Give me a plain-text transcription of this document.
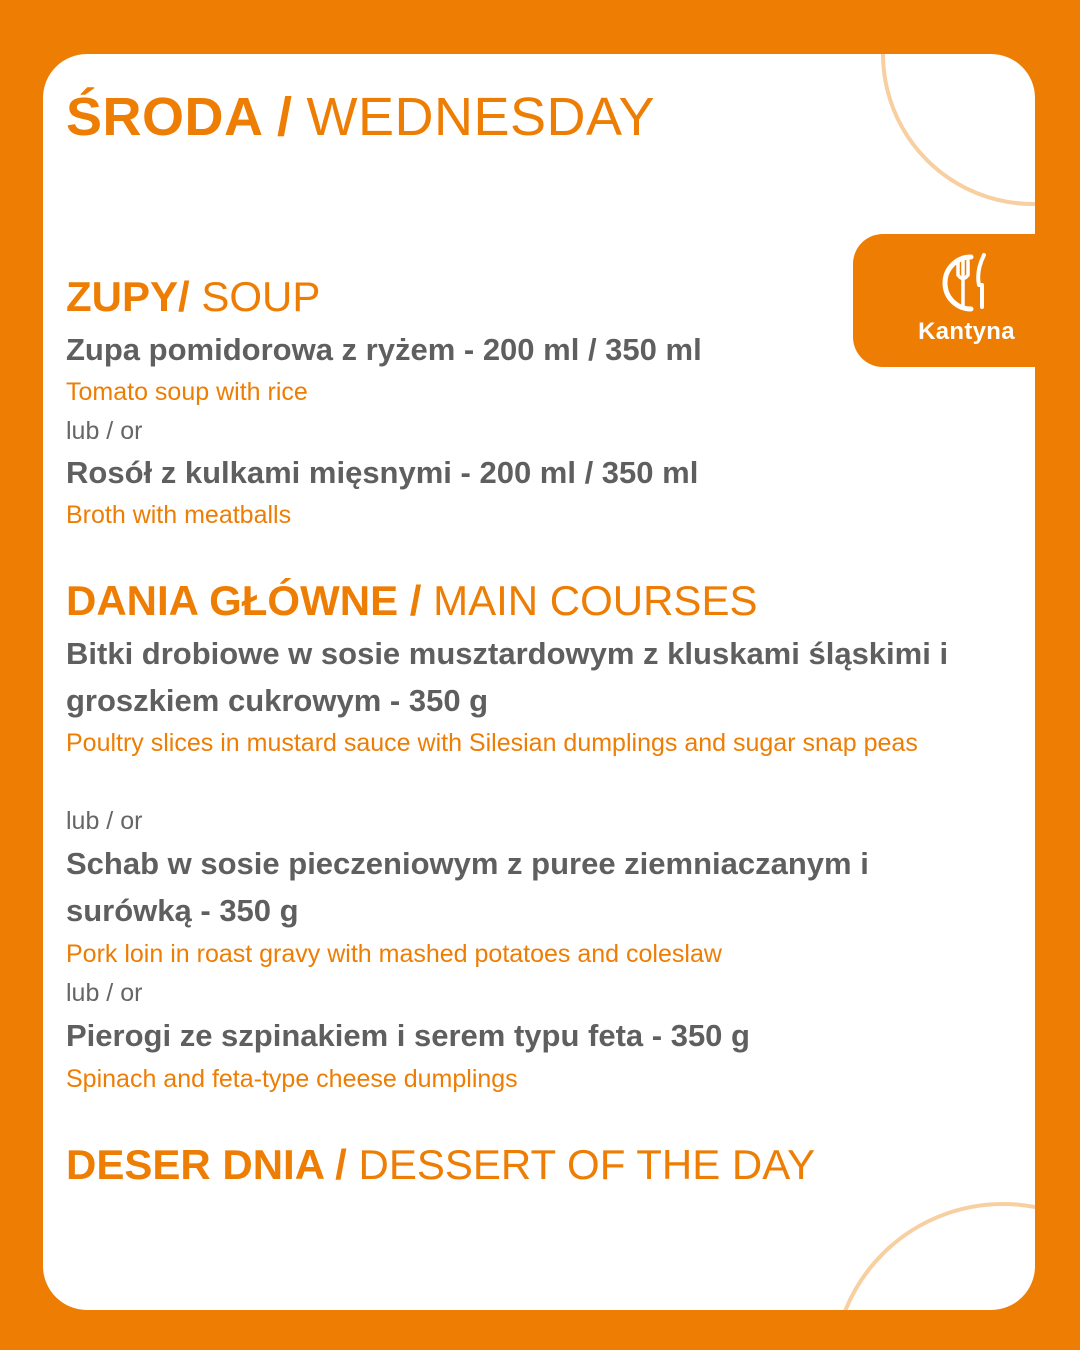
ŚRODA / WEDNESDAY
ZUPY/ SOUP

Zupa pomidorowa z ryżem - 200 ml / 350 ml

Tomato soup with rice

lub / or

Rosół z kulkami mięsnymi - 200 ml / 350 ml

Broth with meatballs

DANIA GŁÓWNE / MAIN COURSES

Bitki drobiowe w sosie musztardowym z kluskami śląskimi i groszkiem cukrowym - 350 g

Poultry slices in mustard sauce with Silesian dumplings and sugar snap peas

lub / or

Schab w sosie pieczeniowym z puree ziemniaczanym i surówką - 350 g

Pork loin in roast gravy with mashed potatoes and coleslaw

lub / or

Pierogi ze szpinakiem i serem typu feta - 350 g

Spinach and feta-type cheese dumplings

DESER DNIA / DESSERT OF THE DAY
Kantyna
